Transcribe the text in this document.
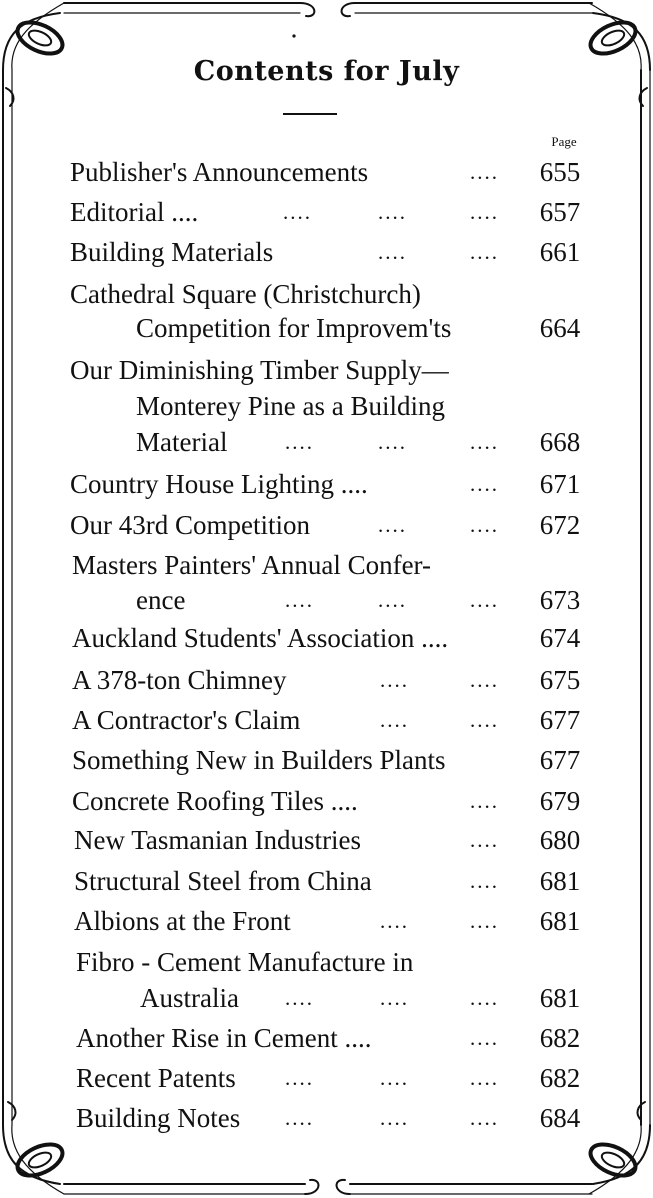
Contents for July
Page
Publisher's Announcements	....	655
Editorial ....	....	....	....	657
Building Materials	....	....	661
Cathedral Square (Christchurch)
Competition for Improvem'ts	664
Our Diminishing Timber Supply—
Monterey Pine as a Building
Material	....	....	....	668
Country House Lighting ....	....	671
Our 43rd Competition	....	....	672
Masters Painters' Annual Confer-
ence	....	....	....	673
Auckland Students' Association ....	674
A 378-ton Chimney	....	....	675
A Contractor's Claim	....	....	677
Something New in Builders Plants	677
Concrete Roofing Tiles ....	....	679
New Tasmanian Industries	....	680
Structural Steel from China	....	681
Albions at the Front	....	....	681
Fibro - Cement Manufacture in
Australia ....	....	....	681
Another Rise in Cement ....	....	682
Recent Patents ....	....	....	682
Building Notes ....	....	....	684
